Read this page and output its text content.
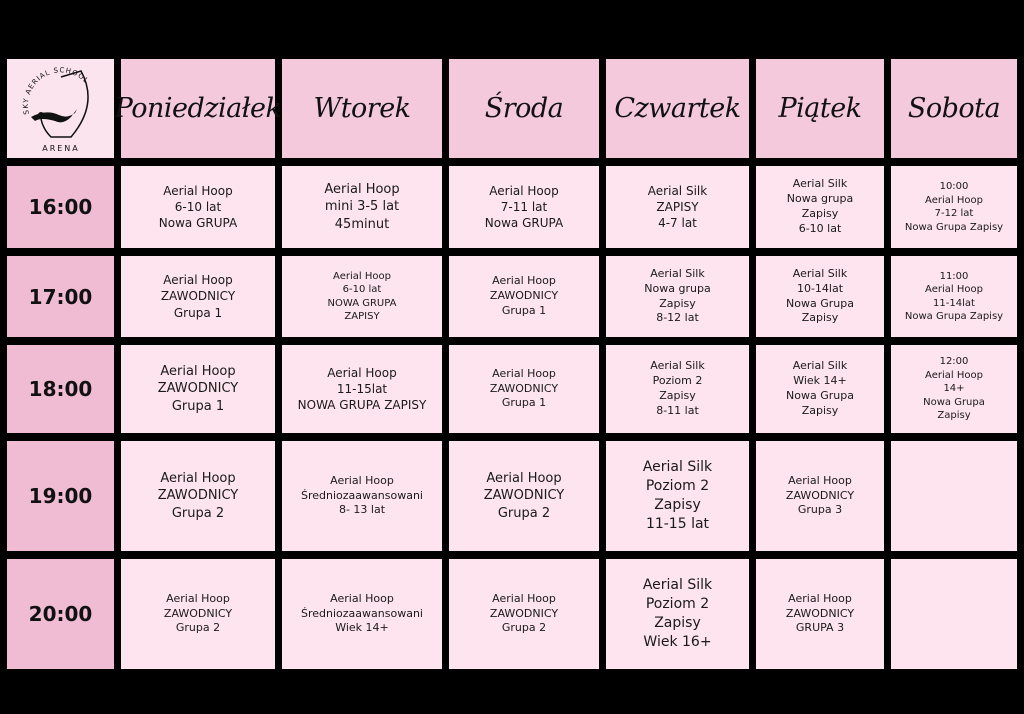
SKY AERIAL SCHOOL
ARENA
Poniedziałek Wtorek	Środa Czwartek Piątek Sobota
16:00
Aerial Hoop
6-10 lat
Nowa GRUPA
Aerial Hoop
mini 3-5 lat
45minut
Aerial Hoop
7-11 lat
Nowa GRUPA
Aerial Silk
ZAPISY
4-7 lat
Aerial Silk
Nowa grupa
Zapisy
6-10 lat
10:00
Aerial Hoop
7-12 lat
Nowa Grupa Zapisy
17:00
Aerial Hoop
ZAWODNICY
Grupa 1
Aerial Hoop
6-10 lat
NOWA GRUPA
ZAPISY
Aerial Hoop
ZAWODNICY
Grupa 1
Aerial Silk
Nowa grupa
Zapisy
8-12 lat
Aerial Silk
10-14lat
Nowa Grupa
Zapisy
11:00
Aerial Hoop
11-14lat
Nowa Grupa Zapisy
18:00
Aerial Hoop
ZAWODNICY
Grupa 1
Aerial Hoop
11-15lat
NOWA GRUPA ZAPISY
Aerial Hoop
ZAWODNICY
Grupa 1
Aerial Silk
Poziom 2
Zapisy
8-11 lat
Aerial Silk
Wiek 14+
Nowa Grupa
Zapisy
12:00
Aerial Hoop
14+
Nowa Grupa
Zapisy
19:00
Aerial Hoop
ZAWODNICY
Grupa 2
Aerial Hoop
Średniozaawansowani
8- 13 lat
Aerial Hoop
ZAWODNICY
Grupa 2
Aerial Silk
Poziom 2
Zapisy
11-15 lat
Aerial Hoop
ZAWODNICY
Grupa 3
20:00
Aerial Hoop
ZAWODNICY
Grupa 2
Aerial Hoop
Średniozaawansowani
Wiek 14+
Aerial Hoop
ZAWODNICY
Grupa 2
Aerial Silk
Poziom 2
Zapisy
Wiek 16+
Aerial Hoop
ZAWODNICY
GRUPA 3
